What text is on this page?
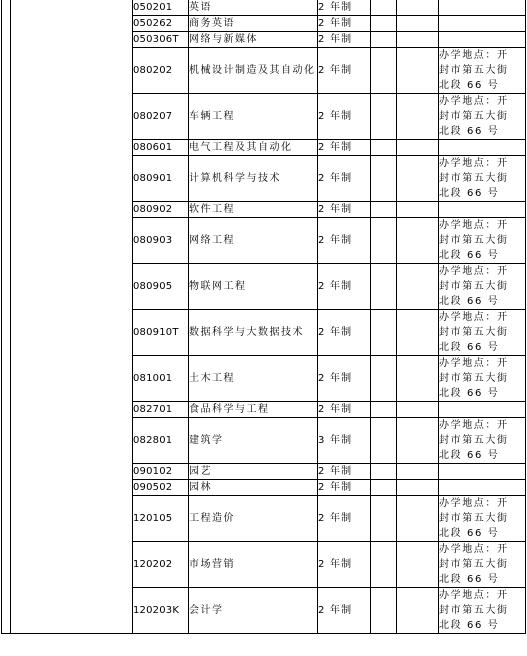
		050201	英语	2 年制			
		050262	商务英语	2 年制			
		050306T	网络与新媒体	2 年制			
		080202	机械设计制造及其自动化	2 年制			办学地点：开
封市第五大街
北段 66 号

		080207	车辆工程	2 年制			办学地点：开
封市第五大街
北段 66 号

		080601	电气工程及其自动化	2 年制			
		080901	计算机科学与技术	2 年制			办学地点：开
封市第五大街
北段 66 号

		080902	软件工程	2 年制			
		080903	网络工程	2 年制			办学地点：开
封市第五大街
北段 66 号

		080905	物联网工程	2 年制			办学地点：开
封市第五大街
北段 66 号

		080910T	数据科学与大数据技术	2 年制			办学地点：开
封市第五大街
北段 66 号

		081001	土木工程	2 年制			办学地点：开
封市第五大街
北段 66 号

		082701	食品科学与工程	2 年制			
		082801	建筑学	3 年制			办学地点：开
封市第五大街
北段 66 号

		090102	园艺	2 年制			
		090502	园林	2 年制			
		120105	工程造价	2 年制			办学地点：开
封市第五大街
北段 66 号

		120202	市场营销	2 年制			办学地点：开
封市第五大街
北段 66 号

		120203K	会计学	2 年制			办学地点：开
封市第五大街
北段 66 号
